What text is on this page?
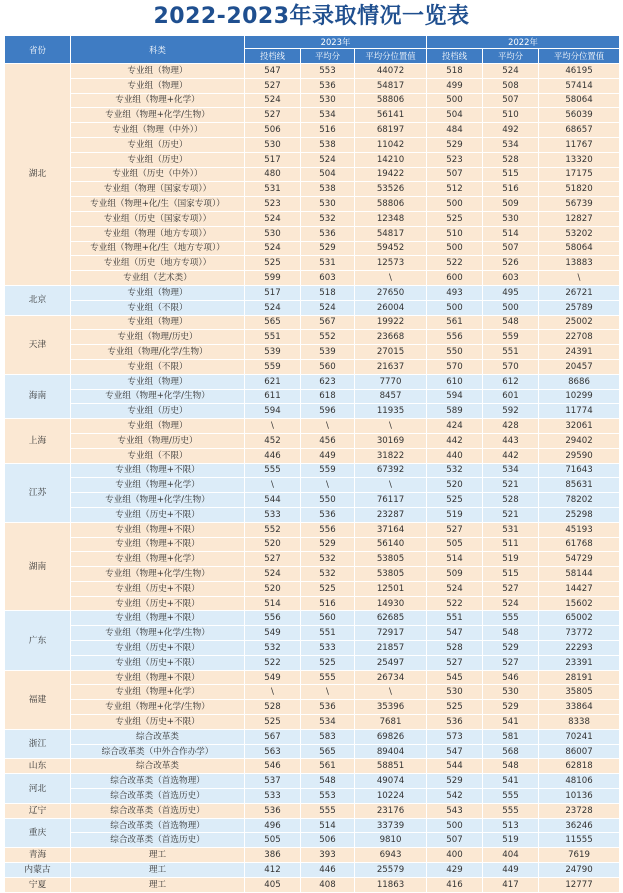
2022-2023年录取情况一览表
省份	科类	2023年			2022年		
		投档线	平均分	平均分位置值	投档线	平均分	平均分位置值
湖北	专业组（物理）	547	553	44072	518	524	46195
	专业组（物理）	527	536	54817	499	508	57414
	专业组（物理+化学）	524	530	58806	500	507	58064
	专业组（物理+化学/生物）	527	534	56141	504	510	56039
	专业组（物理（中外））	506	516	68197	484	492	68657
	专业组（历史）	530	538	11042	529	534	11767
	专业组（历史）	517	524	14210	523	528	13320
	专业组（历史（中外））	480	504	19422	507	515	17175
	专业组（物理（国家专项））	531	538	53526	512	516	51820
	专业组（物理+化/生（国家专项））	523	530	58806	500	509	56739
	专业组（历史（国家专项））	524	532	12348	525	530	12827
	专业组（物理（地方专项））	530	536	54817	510	514	53202
	专业组（物理+化/生（地方专项））	524	529	59452	500	507	58064
	专业组（历史（地方专项））	525	531	12573	522	526	13883
	专业组（艺术类）	599	603	\	600	603	\
北京	专业组（物理）	517	518	27650	493	495	26721
	专业组（不限）	524	524	26004	500	500	25789
天津	专业组（物理）	565	567	19922	561	548	25002
	专业组（物理/历史）	551	552	23668	556	559	22708
	专业组（物理/化学/生物）	539	539	27015	550	551	24391
	专业组（不限）	559	560	21637	570	570	20457
海南	专业组（物理）	621	623	7770	610	612	8686
	专业组（物理+化学/生物）	611	618	8457	594	601	10299
	专业组（历史）	594	596	11935	589	592	11774
上海	专业组（物理）	\	\	\	424	428	32061
	专业组（物理/历史）	452	456	30169	442	443	29402
	专业组（不限）	446	449	31822	440	442	29590
江苏	专业组（物理+不限）	555	559	67392	532	534	71643
	专业组（物理+化学）	\	\	\	520	521	85631
	专业组（物理+化学/生物）	544	550	76117	525	528	78202
	专业组（历史+不限）	533	536	23287	519	521	25298
湖南	专业组（物理+不限）	552	556	37164	527	531	45193
	专业组（物理+不限）	520	529	56140	505	511	61768
	专业组（物理+化学）	527	532	53805	514	519	54729
	专业组（物理+化学/生物）	524	532	53805	509	515	58144
	专业组（历史+不限）	520	525	12501	524	527	14427
	专业组（历史+不限）	514	516	14930	522	524	15602
广东	专业组（物理+不限）	556	560	62685	551	555	65002
	专业组（物理+化学/生物）	549	551	72917	547	548	73772
	专业组（历史+不限）	532	533	21857	528	529	22293
	专业组（历史+不限）	522	525	25497	527	527	23391
福建	专业组（物理+不限）	549	555	26734	545	546	28191
	专业组（物理+化学）	\	\	\	530	530	35805
	专业组（物理+化学/生物）	528	536	35396	525	529	33864
	专业组（历史+不限）	525	534	7681	536	541	8338
浙江	综合改革类	567	583	69826	573	581	70241
	综合改革类（中外合作办学）	563	565	89404	547	568	86007
山东	综合改革类	546	561	58851	544	548	62818
河北	综合改革类（首选物理）	537	548	49074	529	541	48106
	综合改革类（首选历史）	533	553	10224	542	555	10136
辽宁	综合改革类（首选历史）	536	555	23176	543	555	23728
重庆	综合改革类（首选物理）	496	514	33739	500	513	36246
	综合改革类（首选历史）	505	506	9810	507	519	11555
青海	理工	386	393	6943	400	404	7619
内蒙古	理工	412	446	25579	429	449	24790
宁夏	理工	405	408	11863	416	417	12777
